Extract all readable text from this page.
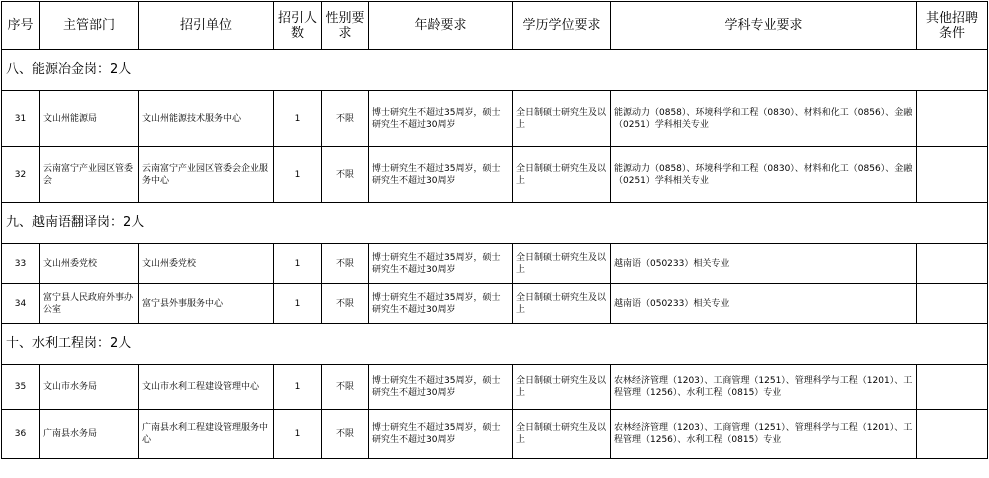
序号	主管部门	招引单位	招引人数	性别要求	年龄要求	学历学位要求	学科专业要求	其他招聘条件
八、能源冶金岗：2人								
31	文山州能源局	文山州能源技术服务中心	1	不限	博士研究生不超过35周岁，硕士研究生不超过30周岁	全日制硕士研究生及以上	能源动力（0858）、环境科学和工程（0830）、材料和化工（0856）、金融（0251）学科相关专业	
32	云南富宁产业园区管委会	云南富宁产业园区管委会企业服务中心	1	不限	博士研究生不超过35周岁，硕士研究生不超过30周岁	全日制硕士研究生及以上	能源动力（0858）、环境科学和工程（0830）、材料和化工（0856）、金融（0251）学科相关专业	
九、越南语翻译岗：2人								
33	文山州委党校	文山州委党校	1	不限	博士研究生不超过35周岁，硕士研究生不超过30周岁	全日制硕士研究生及以上	越南语（050233）相关专业	
34	富宁县人民政府外事办公室	富宁县外事服务中心	1	不限	博士研究生不超过35周岁，硕士研究生不超过30周岁	全日制硕士研究生及以上	越南语（050233）相关专业	
十、水利工程岗：2人								
35	文山市水务局	文山市水利工程建设管理中心	1	不限	博士研究生不超过35周岁，硕士研究生不超过30周岁	全日制硕士研究生及以上	农林经济管理（1203）、工商管理（1251）、管理科学与工程（1201）、工程管理（1256）、水利工程（0815）专业	
36	广南县水务局	广南县水利工程建设管理服务中心	1	不限	博士研究生不超过35周岁，硕士研究生不超过30周岁	全日制硕士研究生及以上	农林经济管理（1203）、工商管理（1251）、管理科学与工程（1201）、工程管理（1256）、水利工程（0815）专业	
